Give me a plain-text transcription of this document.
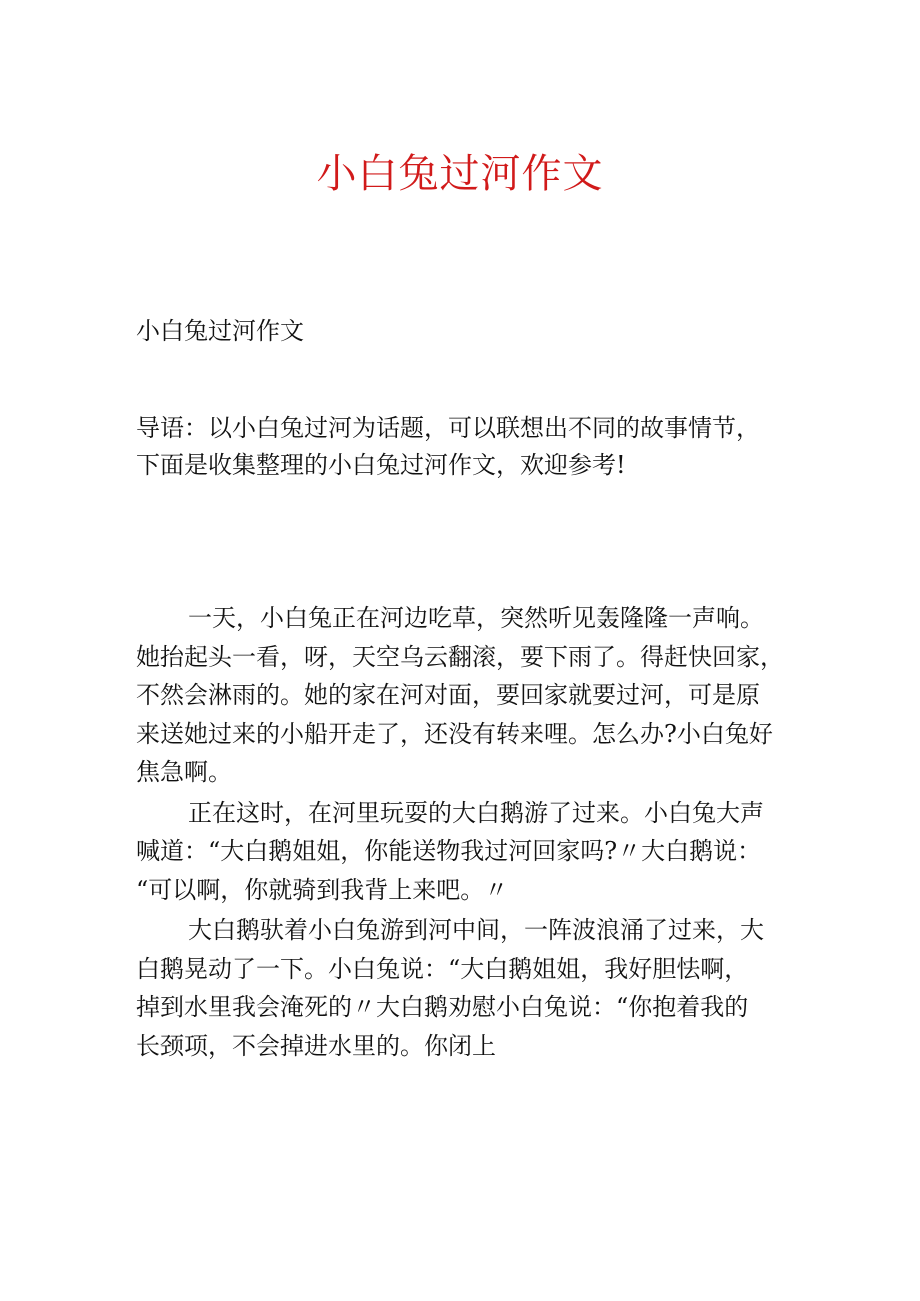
小白兔过河作文
小白兔过河作文
导语：以小白兔过河为话题，可以联想出不同的故事情节，
下面是收集整理的小白兔过河作文，欢迎参考!

一天，小白兔正在河边吃草，突然听见轰隆隆一声响。
她抬起头一看，呀，天空乌云翻滚，要下雨了。得赶快回家，
不然会淋雨的。她的家在河对面，要回家就要过河，可是原
来送她过来的小船开走了，还没有转来哩。怎么办?小白兔好
焦急啊。

正在这时，在河里玩耍的大白鹅游了过来。小白兔大声
喊道：“大白鹅姐姐，你能送物我过河回家吗?〃大白鹅说：
“可以啊，你就骑到我背上来吧。〃

大白鹅驮着小白兔游到河中间，一阵波浪涌了过来，大
白鹅晃动了一下。小白兔说：“大白鹅姐姐，我好胆怯啊，
掉到水里我会淹死的〃大白鹅劝慰小白兔说：“你抱着我的
长颈项，不会掉进水里的。你闭上
